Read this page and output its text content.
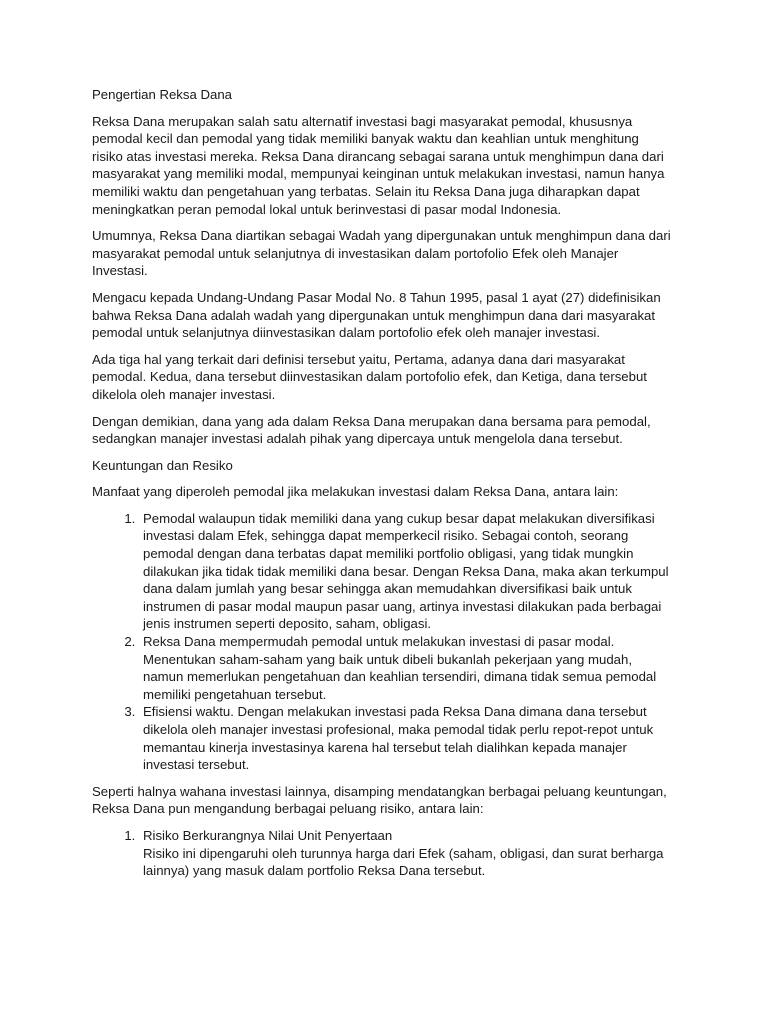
Pengertian Reksa Dana

Reksa Dana merupakan salah satu alternatif investasi bagi masyarakat pemodal, khususnya pemodal kecil dan pemodal yang tidak memiliki banyak waktu dan keahlian untuk menghitung risiko atas investasi mereka. Reksa Dana dirancang sebagai sarana untuk menghimpun dana dari masyarakat yang memiliki modal, mempunyai keinginan untuk melakukan investasi, namun hanya memiliki waktu dan pengetahuan yang terbatas. Selain itu Reksa Dana juga diharapkan dapat meningkatkan peran pemodal lokal untuk berinvestasi di pasar modal Indonesia.

Umumnya, Reksa Dana diartikan sebagai Wadah yang dipergunakan untuk menghimpun dana dari masyarakat pemodal untuk selanjutnya di investasikan dalam portofolio Efek oleh Manajer Investasi.

Mengacu kepada Undang-Undang Pasar Modal No. 8 Tahun 1995, pasal 1 ayat (27) didefinisikan bahwa Reksa Dana adalah wadah yang dipergunakan untuk menghimpun dana dari masyarakat pemodal untuk selanjutnya diinvestasikan dalam portofolio efek oleh manajer investasi.

Ada tiga hal yang terkait dari definisi tersebut yaitu, Pertama, adanya dana dari masyarakat pemodal. Kedua, dana tersebut diinvestasikan dalam portofolio efek, dan Ketiga, dana tersebut dikelola oleh manajer investasi.

Dengan demikian, dana yang ada dalam Reksa Dana merupakan dana bersama para pemodal, sedangkan manajer investasi adalah pihak yang dipercaya untuk mengelola dana tersebut.

Keuntungan dan Resiko

Manfaat yang diperoleh pemodal jika melakukan investasi dalam Reksa Dana, antara lain:

1. Pemodal walaupun tidak memiliki dana yang cukup besar dapat melakukan diversifikasi investasi dalam Efek, sehingga dapat memperkecil risiko. Sebagai contoh, seorang pemodal dengan dana terbatas dapat memiliki portfolio obligasi, yang tidak mungkin dilakukan jika tidak tidak memiliki dana besar. Dengan Reksa Dana, maka akan terkumpul dana dalam jumlah yang besar sehingga akan memudahkan diversifikasi baik untuk instrumen di pasar modal maupun pasar uang, artinya investasi dilakukan pada berbagai jenis instrumen seperti deposito, saham, obligasi.
2. Reksa Dana mempermudah pemodal untuk melakukan investasi di pasar modal. Menentukan saham-saham yang baik untuk dibeli bukanlah pekerjaan yang mudah, namun memerlukan pengetahuan dan keahlian tersendiri, dimana tidak semua pemodal memiliki pengetahuan tersebut.
3. Efisiensi waktu. Dengan melakukan investasi pada Reksa Dana dimana dana tersebut dikelola oleh manajer investasi profesional, maka pemodal tidak perlu repot-repot untuk memantau kinerja investasinya karena hal tersebut telah dialihkan kepada manajer investasi tersebut.

Seperti halnya wahana investasi lainnya, disamping mendatangkan berbagai peluang keuntungan, Reksa Dana pun mengandung berbagai peluang risiko, antara lain:

1. Risiko Berkurangnya Nilai Unit Penyertaan
Risiko ini dipengaruhi oleh turunnya harga dari Efek (saham, obligasi, dan surat berharga lainnya) yang masuk dalam portfolio Reksa Dana tersebut.
